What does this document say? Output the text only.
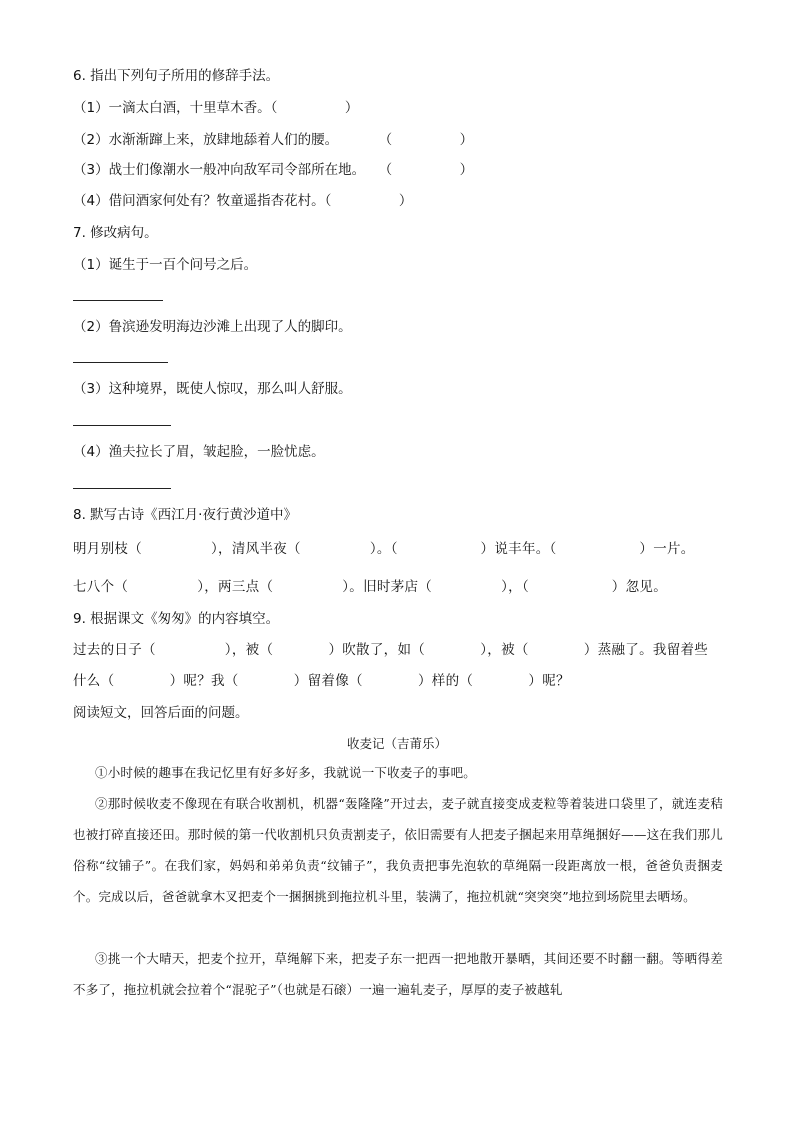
6. 指出下列句子所用的修辞手法。
（1）一滴太白酒，十里草木香。（　　　　　）
（2）水渐渐蹿上来，放肆地舔着人们的腰。　　　　（　　　　　）
（3）战士们像潮水一般冲向敌军司令部所在地。　　（　　　　　）
（4）借问酒家何处有？牧童遥指杏花村。（　　　　　）
7. 修改病句。
（1）诞生于一百个问号之后。
（2）鲁滨逊发明海边沙滩上出现了人的脚印。
（3）这种境界，既使人惊叹，那么叫人舒服。
（4）渔夫拉长了眉，皱起脸，一脸忧虑。
8. 默写古诗《西江月·夜行黄沙道中》
明月别枝（　　　　　），清风半夜（　　　　　）。（　　　　　　）说丰年。（　　　　　　）一片。
七八个（　　　　　），两三点（　　　　　）。旧时茅店（　　　　　），（　　　　　　）忽见。
9. 根据课文《匆匆》的内容填空。
过去的日子（　　　　　），被（　　　　）吹散了，如（　　　　），被（　　　　）蒸融了。我留着些
什么（　　　　）呢？我（　　　　）留着像（　　　　）样的（　　　　）呢？
阅读短文，回答后面的问题。
收麦记（吉莆乐）
①小时候的趣事在我记忆里有好多好多，我就说一下收麦子的事吧。
②那时候收麦不像现在有联合收割机，机器“轰隆隆”开过去，麦子就直接变成麦粒等着装进口袋里了，就连麦秸也被打碎直接还田。那时候的第一代收割机只负责割麦子，依旧需要有人把麦子捆起来用草绳捆好——这在我们那儿俗称“纹铺子”。在我们家，妈妈和弟弟负责“纹铺子”，我负责把事先泡软的草绳隔一段距离放一根，爸爸负责捆麦个。完成以后，爸爸就拿木叉把麦个一捆捆挑到拖拉机斗里，装满了，拖拉机就“突突突”地拉到场院里去晒场。
③挑一个大晴天，把麦个拉开，草绳解下来，把麦子东一把西一把地散开暴晒，其间还要不时翻一翻。等晒得差不多了，拖拉机就会拉着个“混驼子”（也就是石磙）一遍一遍轧麦子，厚厚的麦子被越轧
